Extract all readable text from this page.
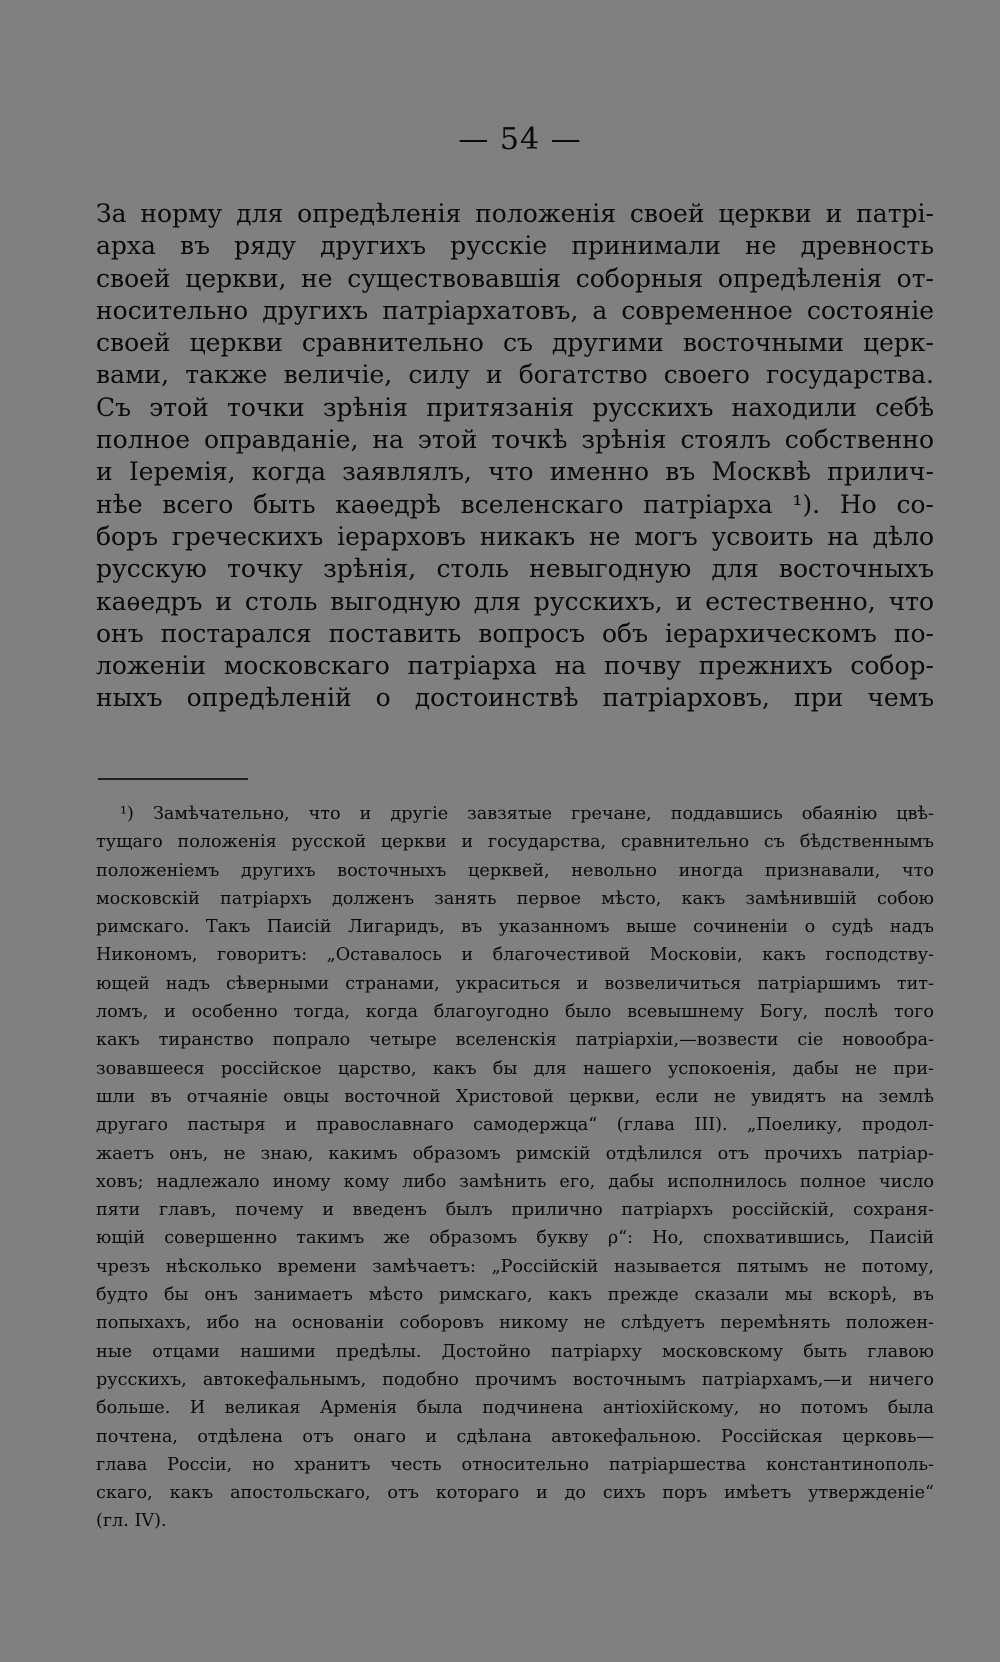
— 54 —
За норму для опредѣленія положенія своей церкви и патрі-
арха въ ряду другихъ русскіе принимали не древность
своей церкви, не существовавшія соборныя опредѣленія от-
носительно другихъ патріархатовъ, а современное состояніе
своей церкви сравнительно съ другими восточными церк-
вами, также величіе, силу и богатство своего государства.
Съ этой точки зрѣнія притязанія русскихъ находили себѣ
полное оправданіе, на этой точкѣ зрѣнія стоялъ собственно
и Іеремія, когда заявлялъ, что именно въ Москвѣ прилич-
нѣе всего быть каѳедрѣ вселенскаго патріарха ¹). Но со-
боръ греческихъ іерарховъ никакъ не могъ усвоить на дѣло
русскую точку зрѣнія, столь невыгодную для восточныхъ
каѳедръ и столь выгодную для русскихъ, и естественно, что
онъ постарался поставить вопросъ объ іерархическомъ по-
ложеніи московскаго патріарха на почву прежнихъ собор-
ныхъ опредѣленій о достоинствѣ патріарховъ, при чемъ
¹) Замѣчательно, что и другіе завзятые гречане, поддавшись обаянію цвѣ-
тущаго положенія русской церкви и государства, сравнительно съ бѣдственнымъ
положеніемъ другихъ восточныхъ церквей, невольно иногда признавали, что
московскій патріархъ долженъ занять первое мѣсто, какъ замѣнившій собою
римскаго. Такъ Паисій Лигаридъ, въ указанномъ выше сочиненіи о судѣ надъ
Никономъ, говоритъ: „Оставалось и благочестивой Московіи, какъ господству-
ющей надъ сѣверными странами, украситься и возвеличиться патріаршимъ тит-
ломъ, и особенно тогда, когда благоугодно было всевышнему Богу, послѣ того
какъ тиранство попрало четыре вселенскія патріархіи,—возвести сіе новообра-
зовавшееся россійское царство, какъ бы для нашего успокоенія, дабы не при-
шли въ отчаяніе овцы восточной Христовой церкви, если не увидятъ на землѣ
другаго пастыря и православнаго самодержца“ (глава III). „Поелику, продол-
жаетъ онъ, не знаю, какимъ образомъ римскій отдѣлился отъ прочихъ патріар-
ховъ; надлежало иному кому либо замѣнить его, дабы исполнилось полное число
пяти главъ, почему и введенъ былъ прилично патріархъ россійскій, сохраня-
ющій совершенно такимъ же образомъ букву ρ“: Но, спохватившись, Паисій
чрезъ нѣсколько времени замѣчаетъ: „Россійскій называется пятымъ не потому,
будто бы онъ занимаетъ мѣсто римскаго, какъ прежде сказали мы вскорѣ, въ
попыхахъ, ибо на основаніи соборовъ никому не слѣдуетъ перемѣнять положен-
ные отцами нашими предѣлы. Достойно патріарху московскому быть главою
русскихъ, автокефальнымъ, подобно прочимъ восточнымъ патріархамъ,—и ничего
больше. И великая Арменія была подчинена антіохійскому, но потомъ была
почтена, отдѣлена отъ онаго и сдѣлана автокефальною. Россійская церковь—
глава Россіи, но хранитъ честь относительно патріаршества константинополь-
скаго, какъ апостольскаго, отъ котораго и до сихъ поръ имѣетъ утвержденіе“
(гл. IV).
